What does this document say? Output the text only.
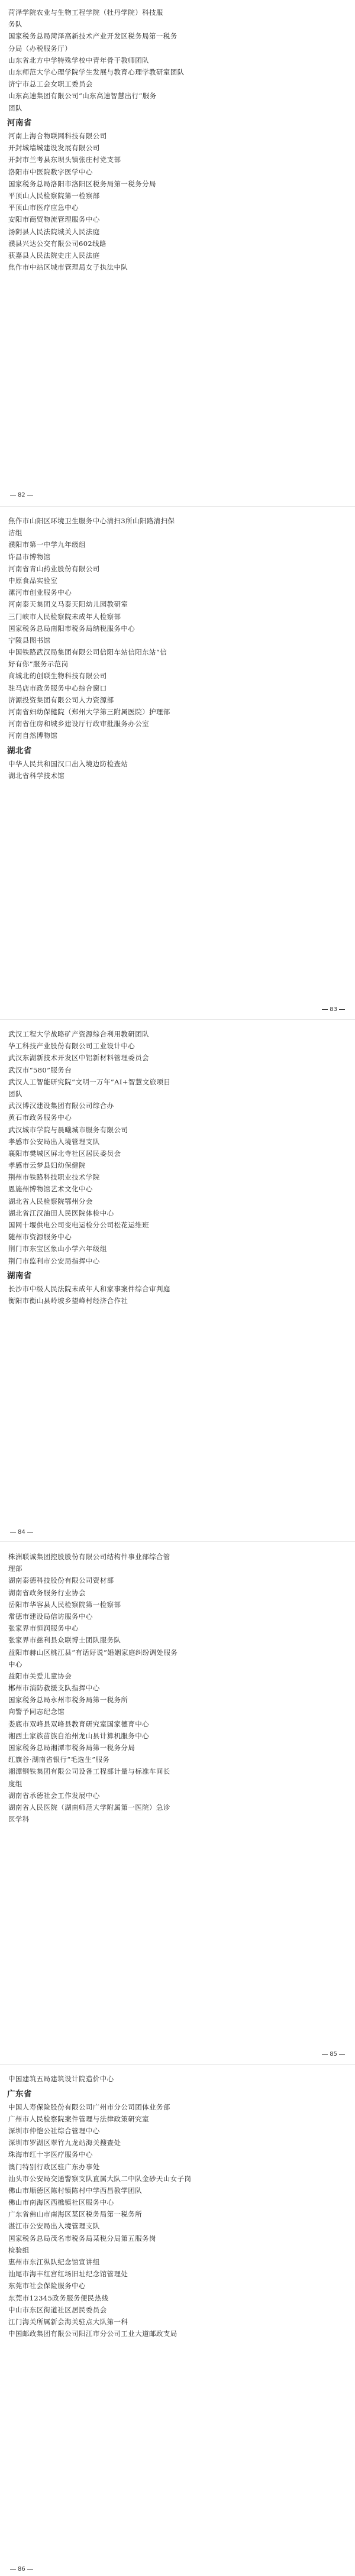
菏泽学院农业与生物工程学院（牡丹学院）科技服
务队
国家税务总局菏泽高新技术产业开发区税务局第一税务
分局（办税服务厅）
山东省北方中学特殊学校中青年骨干教师团队
山东师范大学心理学院学生发展与教育心理学教研室团队
济宁市总工会女职工委员会
山东高速集团有限公司“山东高速智慧出行”服务
团队
河南省
河南上海合物联网科技有限公司
开封城墙城建设发展有限公司
开封市兰考县东坝头镇张庄村党支部
洛阳市中医院数字医学中心
国家税务总局洛阳市洛阳区税务局第一税务分局
平顶山人民检察院第一检察部
平顶山市医疗应急中心
安阳市商贸物流管理服务中心
汤阴县人民法院城关人民法庭
濮县兴达公交有限公司602线路
获嘉县人民法院史庄人民法庭
焦作市中站区城市管理局女子执法中队
82
焦作市山阳区环境卫生服务中心清扫3所山阳路清扫保
洁组
濮阳市第一中学九年级组
许昌市博物馆
河南省青山药业股份有限公司
中原食品实验室
漯河市创业服务中心
河南泰天集团义马泰天阳幼儿园教研室
三门峡市人民检察院未成年人检察部
国家税务总局南阳市税务局纳税服务中心
宁陵县图书馆
中国铁路武汉局集团有限公司信阳车站信阳东站“信
好有你”服务示范岗
商城北的创联生物科技有限公司
驻马店市政务服务中心综合窗口
济源投资集团有限公司人力资源部
河南省妇幼保健院（郑州大学第三附属医院）护理部
河南省住房和城乡建设厅行政审批服务办公室
河南自然博物馆
湖北省
中华人民共和国汉口出入境边防检查站
湖北省科学技术馆
83
武汉工程大学战略矿产资源综合利用教研团队
华工科技产业股份有限公司工业设计中心
武汉东湖新技术开发区中铝新材料管理委员会
武汉市“580”服务台
武汉人工智能研究院“文明一万年”AI+智慧文旅项目
团队
武汉博汉建设集团有限公司综合办
黄石市政务服务中心
武汉城市学院与晨曦城市服务有限公司
孝感市公安局出入境管理支队
襄阳市樊城区屏北寺社区居民委员会
孝感市云梦县妇幼保健院
荆州市铁路科技职业技术学院
恩施州博物馆艺术文化中心
湖北省人民检察院鄂州分会
湖北省江汉油田人民医院体检中心
国网十堰供电公司变电运检分公司松花运维班
随州市资源服务中心
荆门市东宝区象山小学六年级组
荆门市监利市公安局指挥中心
湖南省
长沙市中级人民法院未成年人和家事案件综合审判庭
衡阳市衡山县岭坡乡望峰村经济合作社
84
株洲联诚集团控股股份有限公司结构件事业部综合管
理部
湖南泰德科技股份有限公司资材部
湖南省政务服务行业协会
岳阳市华容县人民检察院第一检察部
常德市建设局信访服务中心
张家界市恒润服务中心
张家界市慈利县众联博士团队服务队
益阳市赫山区桃江县“有话好说”婚姻家庭纠纷调处服务
中心
益阳市关爱儿童协会
郴州市消防救援支队指挥中心
国家税务总局永州市税务局第一税务所
向警予同志纪念馆
娄底市双峰县双峰县教育研究室国家德育中心
湘西土家族苗族自治州龙山县计算机服务中心
国家税务总局湘潭市税务局第一税务分局
红旗谷·湖南省银行“毛选生”服务
湘潭钢铁集团有限公司设备工程部计量与标准车间长
度组
湖南省承德社会工作发展中心
湖南省人民医院（湖南师范大学附属第一医院）急诊
医学科
85
中国建筑五局建筑设计院造价中心
广东省
中国人寿保险股份有限公司广州市分公司团体业务部
广州市人民检察院案件管理与法律政策研究室
深圳市仲恺公社综合管理中心
深圳市罗湖区翠竹九龙站海关搜查处
珠海市红十字医疗服务中心
澳门特别行政区驻广东办事处
汕头市公安局交通警察支队直属大队二中队金砂天山女子岗
佛山市顺德区陈村镇陈村中学西昌教学团队
佛山市南海区西樵镇社区服务中心
广东省佛山市南海区某区税务局第一税务所
湛江市公安局出入境管理支队
国家税务总局茂名市税务局某税分局第五服务岗
检验组
惠州市东江纵队纪念馆宣讲组
汕尾市海丰红宫红场旧址纪念馆管理处
东莞市社会保险服务中心
东莞市12345政务服务便民热线
中山市东区街道社区居民委员会
江门海关所属新会海关驻点大队第一科
中国邮政集团有限公司阳江市分公司工业大道邮政支局
86
